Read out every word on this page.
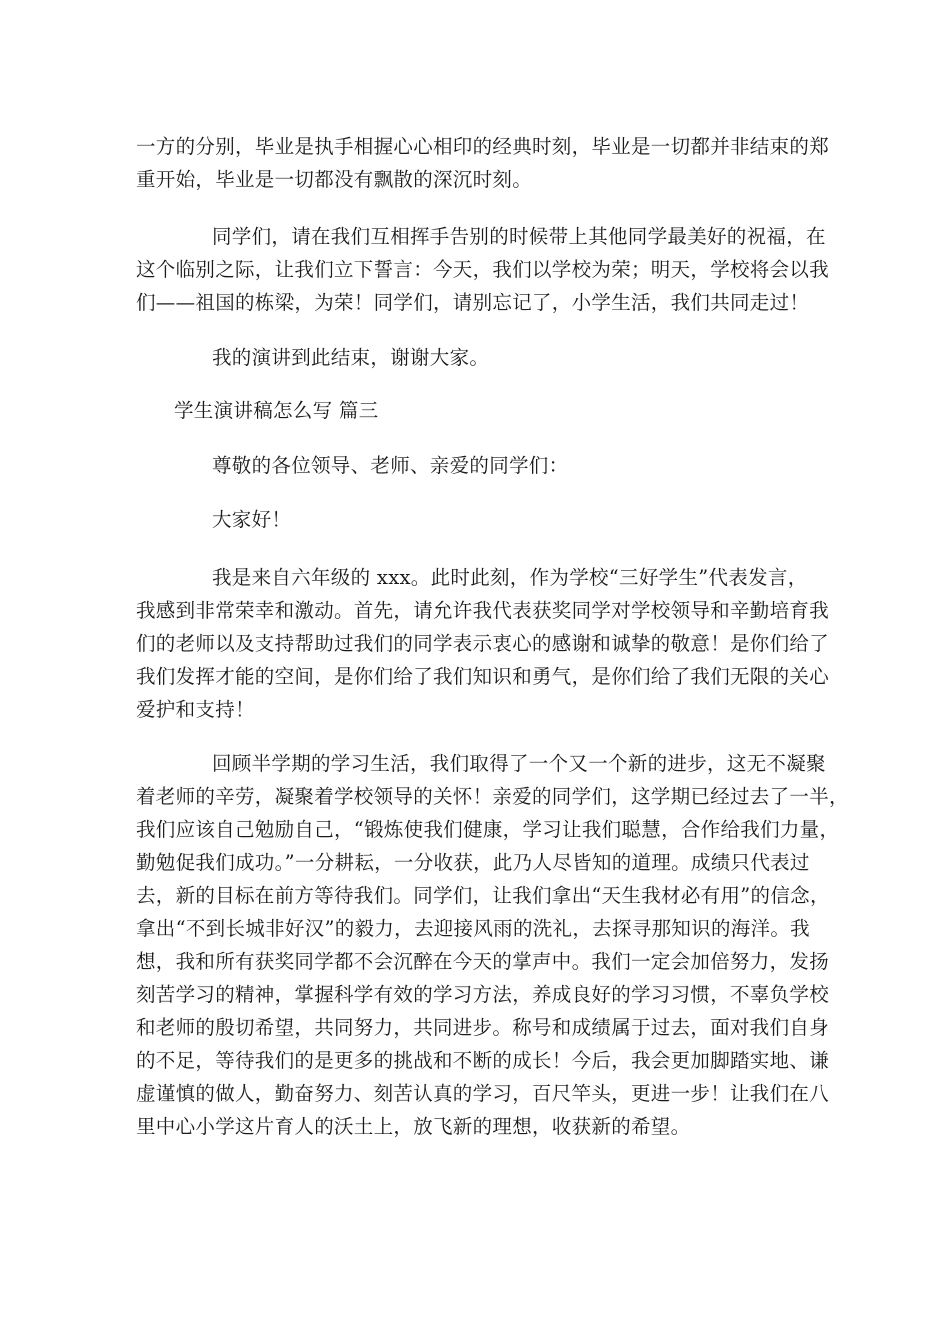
一方的分别，毕业是执手相握心心相印的经典时刻，毕业是一切都并非结束的郑
重开始，毕业是一切都没有飘散的深沉时刻。
同学们，请在我们互相挥手告别的时候带上其他同学最美好的祝福，在
这个临别之际，让我们立下誓言：今天，我们以学校为荣；明天，学校将会以我
们——祖国的栋梁，为荣！同学们，请别忘记了，小学生活，我们共同走过！
我的演讲到此结束，谢谢大家。
学生演讲稿怎么写 篇三
尊敬的各位领导、老师、亲爱的同学们：
大家好！
我是来自六年级的 xxx。此时此刻，作为学校“三好学生”代表发言，
我感到非常荣幸和激动。首先，请允许我代表获奖同学对学校领导和辛勤培育我
们的老师以及支持帮助过我们的同学表示衷心的感谢和诚挚的敬意！是你们给了
我们发挥才能的空间，是你们给了我们知识和勇气，是你们给了我们无限的关心
爱护和支持！
回顾半学期的学习生活，我们取得了一个又一个新的进步，这无不凝聚
着老师的辛劳，凝聚着学校领导的关怀！亲爱的同学们，这学期已经过去了一半，
我们应该自己勉励自己，“锻炼使我们健康，学习让我们聪慧，合作给我们力量，
勤勉促我们成功。”一分耕耘，一分收获，此乃人尽皆知的道理。成绩只代表过
去，新的目标在前方等待我们。同学们，让我们拿出“天生我材必有用”的信念，
拿出“不到长城非好汉”的毅力，去迎接风雨的洗礼，去探寻那知识的海洋。我
想，我和所有获奖同学都不会沉醉在今天的掌声中。我们一定会加倍努力，发扬
刻苦学习的精神，掌握科学有效的学习方法，养成良好的学习习惯，不辜负学校
和老师的殷切希望，共同努力，共同进步。称号和成绩属于过去，面对我们自身
的不足，等待我们的是更多的挑战和不断的成长！今后，我会更加脚踏实地、谦
虚谨慎的做人，勤奋努力、刻苦认真的学习，百尺竿头，更进一步！让我们在八
里中心小学这片育人的沃土上，放飞新的理想，收获新的希望。
